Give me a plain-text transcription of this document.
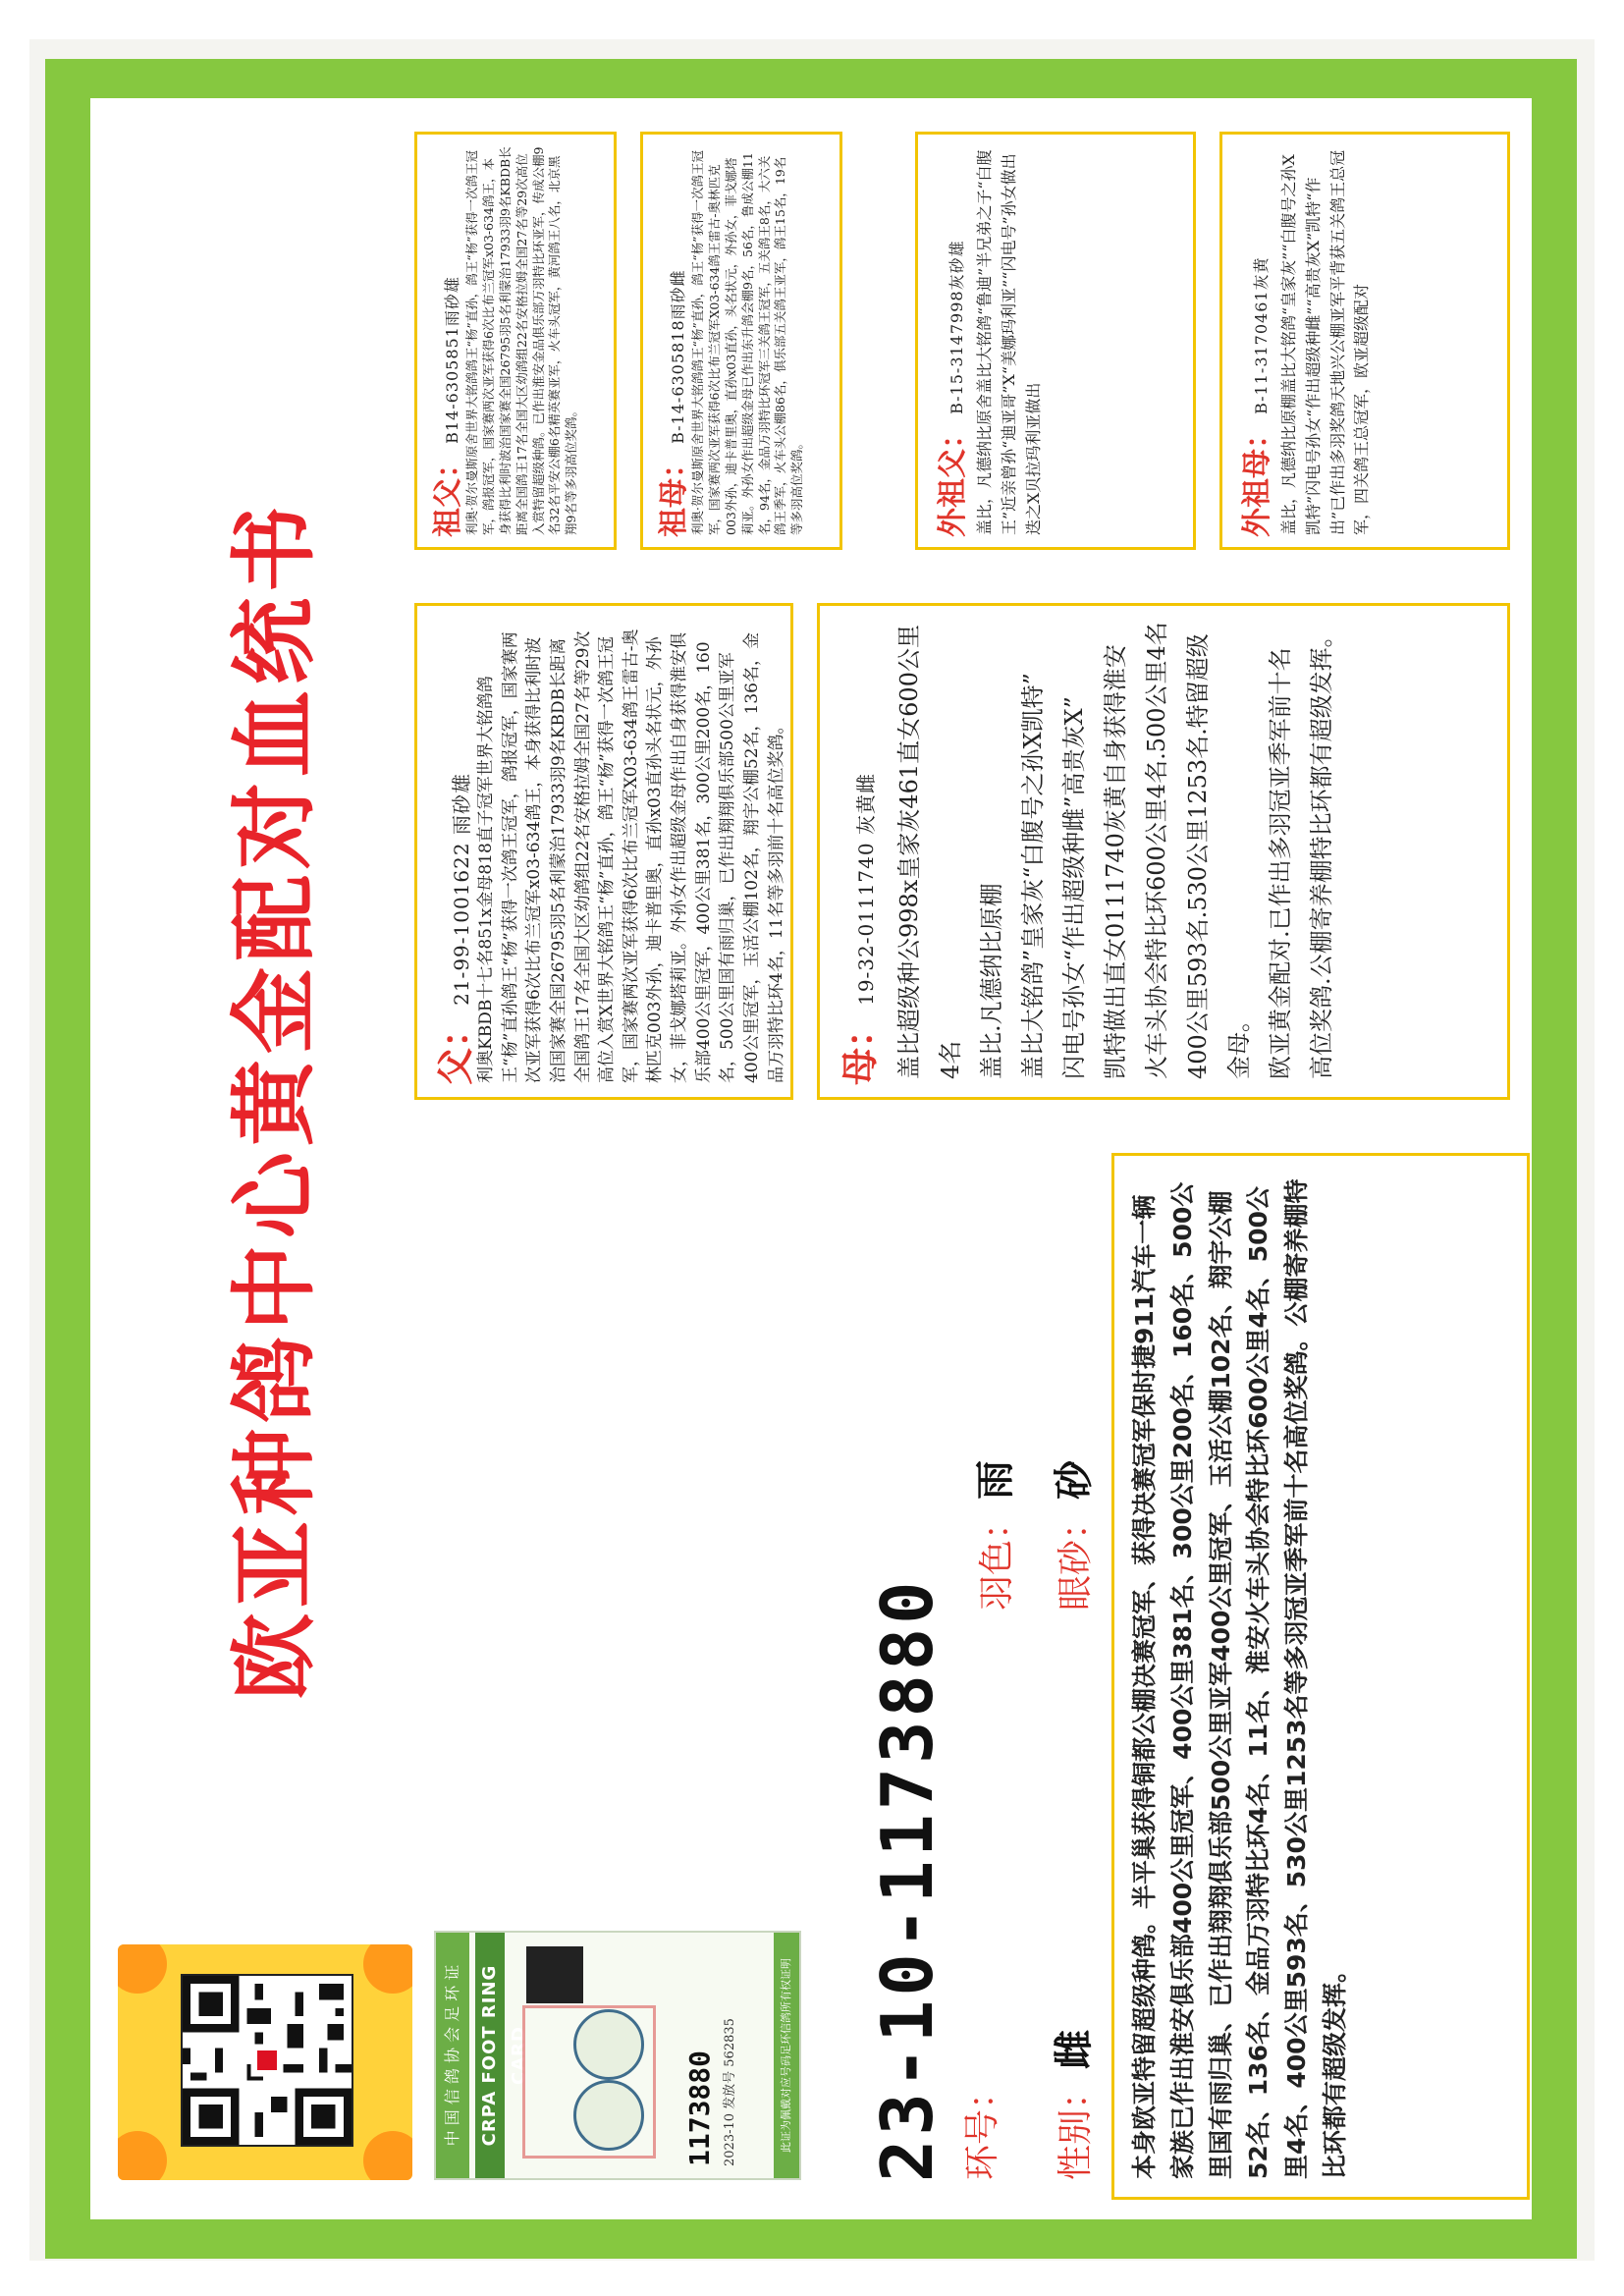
欧亚种鸽中心黄金配对血统书
中 国 信 鸽 协 会 足 环 证	CRPA FOOT RING CARD	1173880 2023-10 发放号 562835	此证为佩戴对应号码足环信鸽所有权证明 23-10-1173880 环号：
羽色： 雨
性别： 雌
眼砂： 砂 本身欧亚特留超级种鸽。半平巢获得铜都公棚决赛冠军、获得决赛冠军保时捷911汽车一辆家族已作出淮安俱乐部400公里冠军、400公里381名、300公里200名、160名、500公里国有雨归巢、已作出翔翔俱乐部500公里亚军400公里冠军、玉活公棚102名、翔宇公棚52名、136名、金品万羽特比环4名、11名、淮安火车头协会特比环600公里4名、500公里4名、400公里593名、530公里1253名等多羽冠亚季军前十名高位奖鸽。公棚寄养棚特比环都有超级发挥。
父： 21-99-1001622 雨砂雄 利奥KBDB十七名851x金母818直子冠军世界大铭鸽鸽王“杨”直孙鸽王“杨”获得一次鸽王冠军，鸽报冠军，国家赛两次亚军获得6次比布兰冠军x03-634鸽王，本身获得比利时波治国家赛全国26795羽5名利蒙治17933羽9名KBDB长距离全国鸽王17名全国大区幼鸽组22名安格拉姆全国27名等29次高位入赏X世界大铭鸽王“杨”直孙，鸽王“杨”获得一次鸽王冠军，国家赛两次亚军获得6次比布兰冠军X03-634鸽王雷古-奥林匹克003外孙，迪卡普里奥，直孙x03直孙头名状元，外孙女，菲戈娜塔莉亚。外孙女作出超级金母作出自身获得淮安俱乐部400公里冠军，400公里381名，300公里200名，160名，500公里国有雨归巢，已作出翔翔俱乐部500公里亚军400公里冠军，玉活公棚102名，翔宇公棚52名，136名，金品万羽特比环4名，11名等多羽前十名高位奖鸽。 母： 19-32-0111740 灰黄雌 盖比超级种公998x皇家灰461直女600公里4名 盖比.凡德纳比原棚 盖比大铭鸽”皇家灰“白腹号之孙X凯特” 闪电号孙女“作出超级种雌”高贵灰X” 凯特做出直女0111740灰黄自身获得淮安 火车头协会特比环600公里4名.500公里4名 400公里593名.530公里1253名.特留超级金母。 欧亚黄金配对.已作出多羽冠亚季军前十名 高位奖鸽.公棚寄养棚特比环都有超级发挥。
祖父： B14-6305851雨砂雄 利奥·贺尔曼斯原舍世界大铭鸽鸽王“杨”直孙，鸽王“杨”获得一次鸽王冠军，鸽报冠军，国家赛两次亚军获得6次比布兰冠军x03-634鸽王，本身获得比利时波治国家赛全国26795羽5名利蒙治17933羽9名KBDB长距离全国鸽王17名全国大区幼鸽组22名安格拉姆全国27名等29次高位入赏特留超级种鸽。已作出淮安金品俱乐部万羽特比环亚军，传成公棚9名32名平安公棚6名精英赛亚军，火车头冠军，黄河鸽王八名，北京黑翔9名等多羽高位奖鸽。	祖母： B-14-6305818雨砂雌 利奥·贺尔曼斯原舍世界大铭鸽鸽王“杨”直孙，鸽王“杨”获得一次鸽王冠军，国家赛两次亚军获得6次比布兰冠军X03-634鸽王雷古-奥林匹克003外孙，迪卡普里奥，直孙x03直孙，头名状元，外孙女，菲戈娜塔莉亚。外孙女作出超级金母已作出东升鸽会棚9名，56名，鲁成公棚11名，94名，金品万羽特比环冠军三关鸽王冠军，五关鸽王8名，大六关鸽王季军，火车头公棚86名，俱乐部五关鸽王亚军，鸽王15名，19名等多羽高位奖鸽。	外祖父： B-15-3147998灰砂雄 盖比，凡德纳比原舍盖比大铭鸽“鲁迪”半兄弟之子“白腹王”近亲曾孙“迪亚哥”X“美娜玛利亚”“闪电号”孙女做出迭之X贝拉玛利亚做出	外祖母： B-11-3170461灰黄 盖比，凡德纳比原棚盖比大铭鸽“皇家灰”“白腹号之孙X凯特”闪电号孙女“作出超级种雌”“高贵灰X”凯特“作出”已作出多羽奖鸽天地兴公棚亚军平背获五关鸽王总冠军，四关鸽王总冠军，欧亚超级配对
